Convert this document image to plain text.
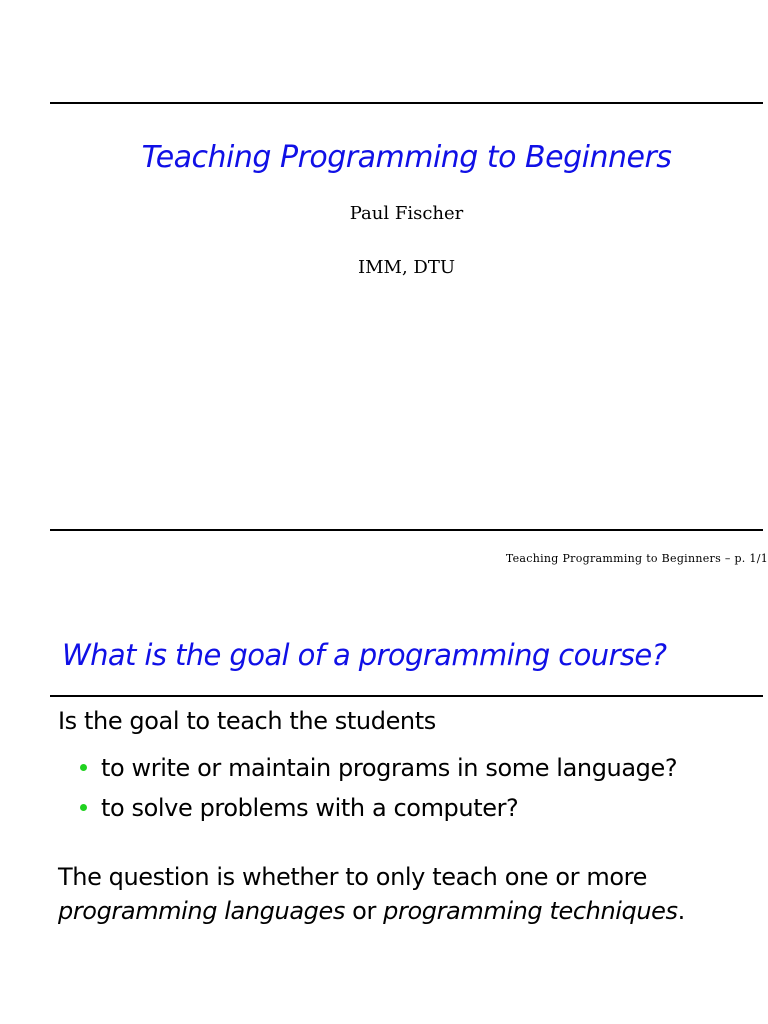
Teaching Programming to Beginners
Paul Fischer
IMM, DTU
Teaching Programming to Beginners – p. 1/1
What is the goal of a programming course?
Is the goal to teach the students
to write or maintain programs in some language?
to solve problems with a computer?
The question is whether to only teach one or more
programming languages or programming techniques.
